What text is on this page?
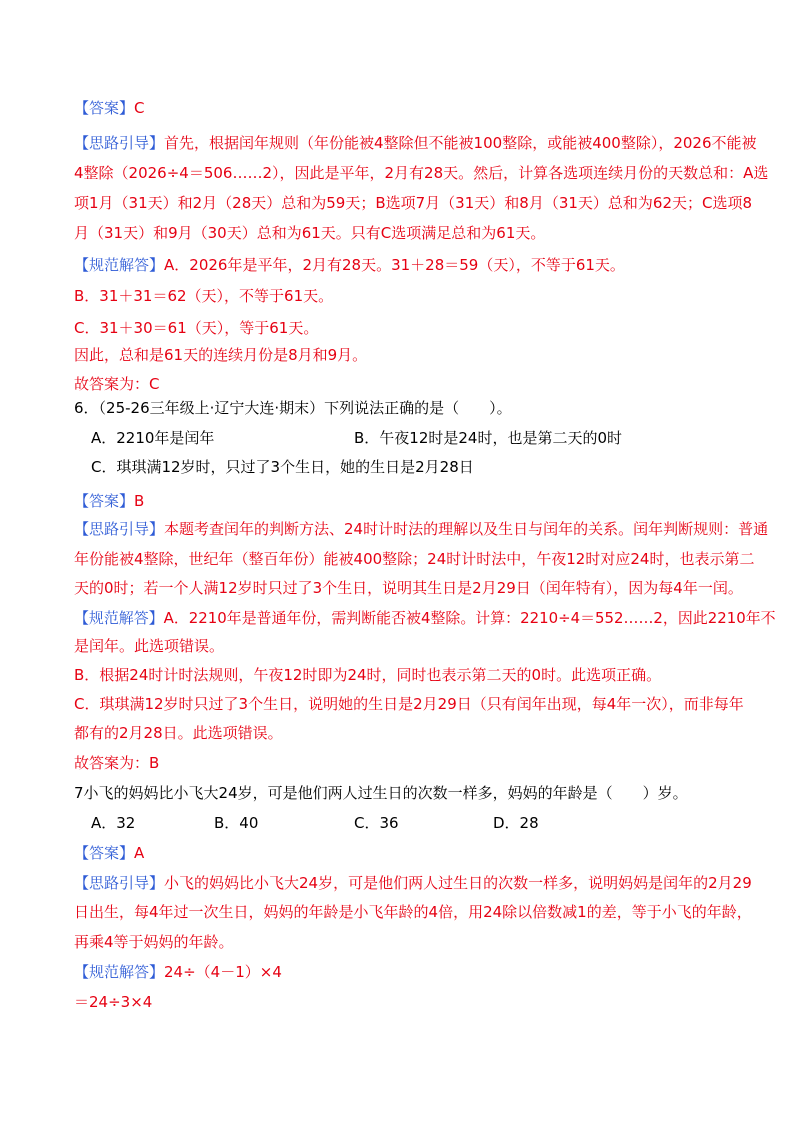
【答案】C
【思路引导】首先，根据闰年规则（年份能被4整除但不能被100整除，或能被400整除），2026不能被
4整除（2026÷4＝506……2），因此是平年，2月有28天。然后，计算各选项连续月份的天数总和：A选
项1月（31天）和2月（28天）总和为59天；B选项7月（31天）和8月（31天）总和为62天；C选项8
月（31天）和9月（30天）总和为61天。只有C选项满足总和为61天。
【规范解答】A．2026年是平年，2月有28天。31＋28＝59（天），不等于61天。
B．31＋31＝62（天），不等于61天。
C．31＋30＝61（天），等于61天。
因此，总和是61天的连续月份是8月和9月。
故答案为：C
6．（25-26三年级上·辽宁大连·期末）下列说法正确的是（　　）。
A．2210年是闰年	B．午夜12时是24时，也是第二天的0时
C．琪琪满12岁时，只过了3个生日，她的生日是2月28日
【答案】B
【思路引导】本题考查闰年的判断方法、24时计时法的理解以及生日与闰年的关系。闰年判断规则：普通
年份能被4整除，世纪年（整百年份）能被400整除；24时计时法中，午夜12时对应24时，也表示第二
天的0时；若一个人满12岁时只过了3个生日，说明其生日是2月29日（闰年特有），因为每4年一闰。
【规范解答】A．2210年是普通年份，需判断能否被4整除。计算：2210÷4＝552……2，因此2210年不
是闰年。此选项错误。
B．根据24时计时法规则，午夜12时即为24时，同时也表示第二天的0时。此选项正确。
C．琪琪满12岁时只过了3个生日，说明她的生日是2月29日（只有闰年出现，每4年一次），而非每年
都有的2月28日。此选项错误。
故答案为：B
7小飞的妈妈比小飞大24岁，可是他们两人过生日的次数一样多，妈妈的年龄是（　　）岁。
A．32	B．40	C．36	D．28
【答案】A
【思路引导】小飞的妈妈比小飞大24岁，可是他们两人过生日的次数一样多，说明妈妈是闰年的2月29
日出生，每4年过一次生日，妈妈的年龄是小飞年龄的4倍，用24除以倍数减1的差，等于小飞的年龄，
再乘4等于妈妈的年龄。
【规范解答】24÷（4－1）×4
＝24÷3×4
